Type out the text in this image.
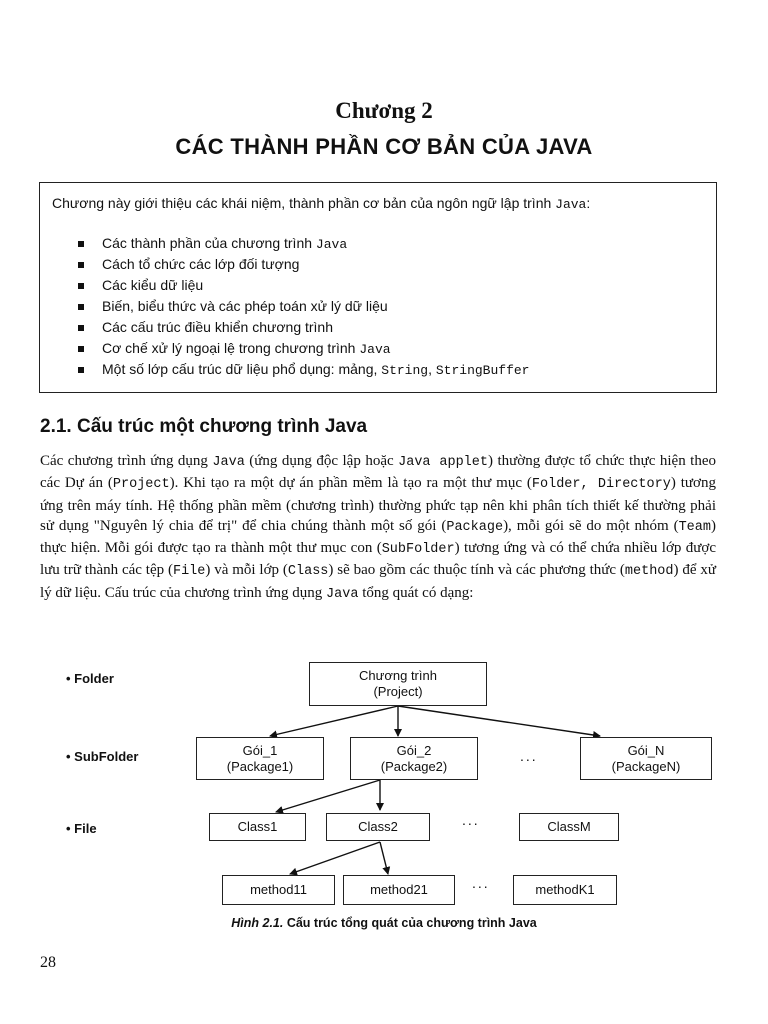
Chương 2
CÁC THÀNH PHẦN CƠ BẢN CỦA JAVA
Chương này giới thiệu các khái niệm, thành phần cơ bản của ngôn ngữ lập trình Java:
Các thành phần của chương trình Java
Cách tổ chức các lớp đối tượng
Các kiểu dữ liệu
Biến, biểu thức và các phép toán xử lý dữ liệu
Các cấu trúc điều khiển chương trình
Cơ chế xử lý ngoại lệ trong chương trình Java
Một số lớp cấu trúc dữ liệu phổ dụng: mảng, String, StringBuffer
2.1. Cấu trúc một chương trình Java
Các chương trình ứng dụng Java (ứng dụng độc lập hoặc Java applet) thường được tổ chức thực hiện theo các Dự án (Project). Khi tạo ra một dự án phần mềm là tạo ra một thư mục (Folder, Directory) tương ứng trên máy tính. Hệ thống phần mềm (chương trình) thường phức tạp nên khi phân tích thiết kế thường phải sử dụng "Nguyên lý chia để trị" để chia chúng thành một số gói (Package), mỗi gói sẽ do một nhóm (Team) thực hiện. Mỗi gói được tạo ra thành một thư mục con (SubFolder) tương ứng và có thể chứa nhiều lớp được lưu trữ thành các tệp (File) và mỗi lớp (Class) sẽ bao gồm các thuộc tính và các phương thức (method) để xử lý dữ liệu. Cấu trúc của chương trình ứng dụng Java tổng quát có dạng:
• Folder
• SubFolder
• File
Chương trình
(Project)
Gói_1
(Package1)
Gói_2
(Package2)
...	Gói_N
(PackageN)
Class1	Class2	...	ClassM
method11	method21	...	methodK1
Hình 2.1. Cấu trúc tổng quát của chương trình Java
28
